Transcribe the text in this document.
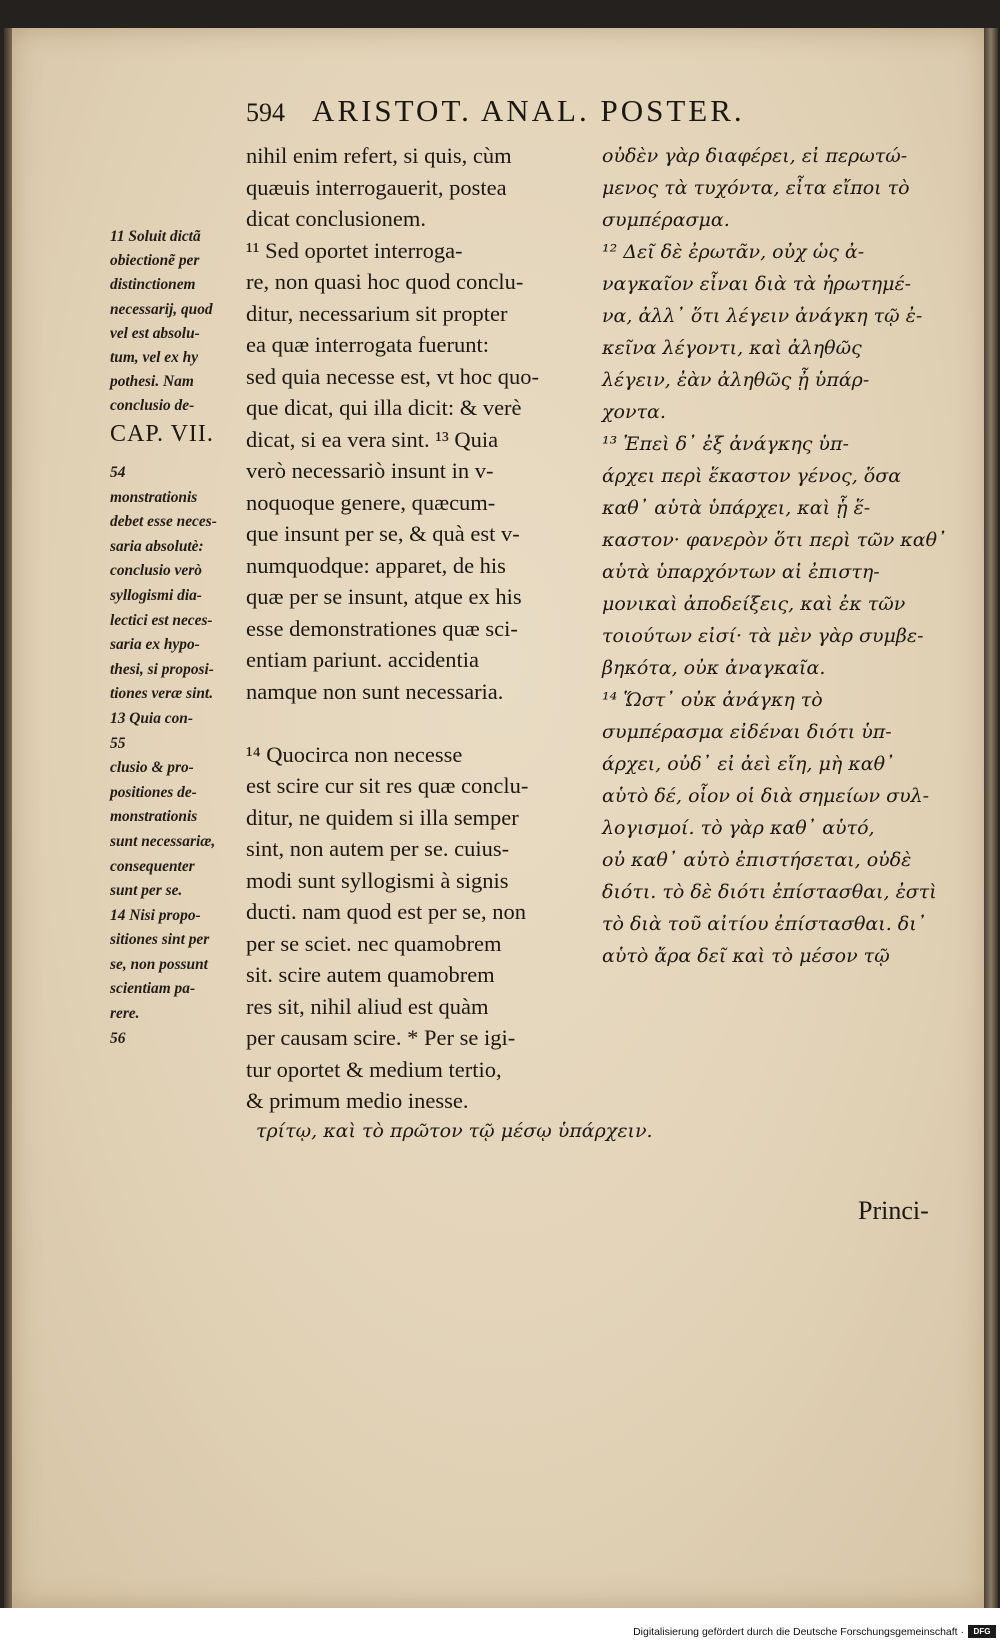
594 ARISTOT. ANAL. POSTER.
11 Soluit dictã
obiectionẽ per
distinctionem
necessarij, quod
vel est absolu-
tum, vel ex hy
pothesi. Nam
conclusio de-
CAP. VII.
54
monstrationis
debet esse neces-
saria absolutè:
conclusio verò
syllogismi dia-
lectici est neces-
saria ex hypo-
thesi, si proposi-
tiones veræ sint.
13 Quia con-
55
clusio & pro-
positiones de-
monstrationis
sunt necessariæ,
consequenter
sunt per se.
14 Nisi propo-
sitiones sint per
se, non possunt
scientiam pa-
rere.
56
nihil enim refert, si quis, cùm
quæuis interrogauerit, postea
dicat conclusionem.
¹¹ Sed oportet interroga-
re, non quasi hoc quod conclu-
ditur, necessarium sit propter
ea quæ interrogata fuerunt:
sed quia necesse est, vt hoc quo-
que dicat, qui illa dicit: & verè
dicat, si ea vera sint. ¹³ Quia
verò necessariò insunt in v-
noquoque genere, quæcum-
que insunt per se, & quà est v-
numquodque: apparet, de his
quæ per se insunt, atque ex his
esse demonstrationes quæ sci-
entiam pariunt. accidentia
namque non sunt necessaria.
¹⁴ Quocirca non necesse
est scire cur sit res quæ conclu-
ditur, ne quidem si illa semper
sint, non autem per se. cuius-
modi sunt syllogismi à signis
ducti. nam quod est per se, non
per se sciet. nec quamobrem
sit. scire autem quamobrem
res sit, nihil aliud est quàm
per causam scire. * Per se igi-
tur oportet & medium tertio,
& primum medio inesse.
οὐδὲν γὰρ διαφέρει, εἰ περωτώ-
μενος τὰ τυχόντα, εἶτα εἴποι τὸ
συμπέρασμα.
¹² Δεῖ δὲ ἐρωτᾶν, οὐχ ὡς ἀ-
ναγκαῖον εἶναι διὰ τὰ ἠρωτημέ-
να, ἀλλ᾽ ὅτι λέγειν ἀνάγκη τῷ ἐ-
κεῖνα λέγοντι, καὶ ἀληθῶς
λέγειν, ἐὰν ἀληθῶς ᾖ ὑπάρ-
χοντα.
¹³ Ἐπεὶ δ᾽ ἐξ ἀνάγκης ὑπ-
άρχει περὶ ἕκαστον γένος, ὅσα
καθ᾽ αὑτὰ ὑπάρχει, καὶ ᾗ ἕ-
καστον· φανερὸν ὅτι περὶ τῶν καθ᾽
αὑτὰ ὑπαρχόντων αἱ ἐπιστη-
μονικαὶ ἀποδείξεις, καὶ ἐκ τῶν
τοιούτων εἰσί· τὰ μὲν γὰρ συμβε-
βηκότα, οὐκ ἀναγκαῖα.
¹⁴ Ὥστ᾽ οὐκ ἀνάγκη τὸ
συμπέρασμα εἰδέναι διότι ὑπ-
άρχει, οὐδ᾽ εἰ ἀεὶ εἴη, μὴ καθ᾽
αὑτὸ δέ, οἷον οἱ διὰ σημείων συλ-
λογισμοί. τὸ γὰρ καθ᾽ αὑτό,
οὐ καθ᾽ αὑτὸ ἐπιστήσεται, οὐδὲ
διότι. τὸ δὲ διότι ἐπίστασθαι, ἐστὶ
τὸ διὰ τοῦ αἰτίου ἐπίστασθαι. δι᾽
αὑτὸ ἄρα δεῖ καὶ τὸ μέσον τῷ
τρίτῳ, καὶ τὸ πρῶτον τῷ μέσῳ ὑπάρχειν.
Princi-
Digitalisierung gefördert durch die Deutsche Forschungsgemeinschaft ·	DFG
